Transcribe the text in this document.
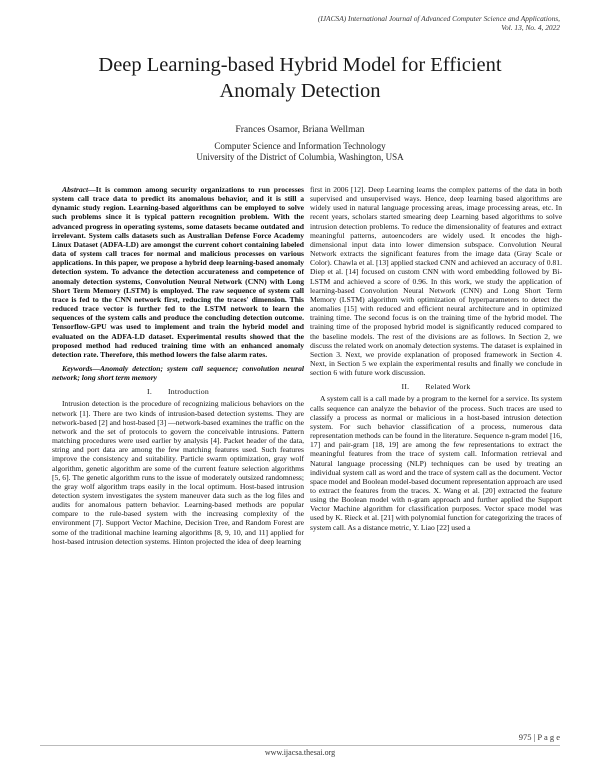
(IJACSA) International Journal of Advanced Computer Science and Applications,
Vol. 13, No. 4, 2022
Deep Learning-based Hybrid Model for Efficient
Anomaly Detection
Frances Osamor, Briana Wellman
Computer Science and Information Technology
University of the District of Columbia, Washington, USA

Abstract—It is common among security organizations to run processes system call trace data to predict its anomalous behavior, and it is still a dynamic study region. Learning-based algorithms can be employed to solve such problems since it is typical pattern recognition problem. With the advanced progress in operating systems, some datasets became outdated and irrelevant. System calls datasets such as Australian Defense Force Academy Linux Dataset (ADFA-LD) are amongst the current cohort containing labeled data of system call traces for normal and malicious processes on various applications. In this paper, we propose a hybrid deep learning-based anomaly detection system. To advance the detection accurateness and competence of anomaly detection systems, Convolution Neural Network (CNN) with Long Short Term Memory (LSTM) is employed. The raw sequence of system call trace is fed to the CNN network first, reducing the traces' dimension. This reduced trace vector is further fed to the LSTM network to learn the sequences of the system calls and produce the concluding detection outcome. Tensorflow-GPU was used to implement and train the hybrid model and evaluated on the ADFA-LD dataset. Experimental results showed that the proposed method had reduced training time with an enhanced anomaly detection rate. Therefore, this method lowers the false alarm rates.

Keywords—Anomaly detection; system call sequence; convolution neural network; long short term memory

I.  Introduction

Intrusion detection is the procedure of recognizing malicious behaviors on the network [1]. There are two kinds of intrusion-based detection systems. They are network-based [2] and host-based [3] —network-based examines the traffic on the network and the set of protocols to govern the conceivable intrusions. Pattern matching procedures were used earlier by analysis [4]. Packet header of the data, string and port data are among the few matching features used. Such features improve the consistency and suitability. Particle swarm optimization, gray wolf algorithm, genetic algorithm are some of the current feature selection algorithms [5, 6]. The genetic algorithm runs to the issue of moderately outsized randomness; the gray wolf algorithm traps easily in the local optimum. Host-based intrusion detection system investigates the system maneuver data such as the log files and audits for anomalous pattern behavior. Learning-based methods are popular compare to the rule-based system with the increasing complexity of the environment [7]. Support Vector Machine, Decision Tree, and Random Forest are some of the traditional machine learning algorithms [8, 9, 10, and 11] applied for host-based intrusion detection systems. Hinton projected the idea of deep learning

first in 2006 [12]. Deep Learning learns the complex patterns of the data in both supervised and unsupervised ways. Hence, deep learning based algorithms are widely used in natural language processing areas, image processing areas, etc. In recent years, scholars started smearing deep Learning based algorithms to solve intrusion detection problems. To reduce the dimensionality of features and extract meaningful patterns, autoencoders are widely used. It encodes the high-dimensional input data into lower dimension subspace. Convolution Neural Network extracts the significant features from the image data (Gray Scale or Color). Chawla et al. [13] applied stacked CNN and achieved an accuracy of 0.81. Diep et al. [14] focused on custom CNN with word embedding followed by Bi-LSTM and achieved a score of 0.96. In this work, we study the application of learning-based Convolution Neural Network (CNN) and Long Short Term Memory (LSTM) algorithm with optimization of hyperparameters to detect the anomalies [15] with reduced and efficient neural architecture and in optimized training time. The second focus is on the training time of the hybrid model. The training time of the proposed hybrid model is significantly reduced compared to the baseline models. The rest of the divisions are as follows. In Section 2, we discuss the related work on anomaly detection systems. The dataset is explained in Section 3. Next, we provide explanation of proposed framework in Section 4. Next, in Section 5 we explain the experimental results and finally we conclude in section 6 with future work discussion.

II.  Related Work

A system call is a call made by a program to the kernel for a service. Its system calls sequence can analyze the behavior of the process. Such traces are used to classify a process as normal or malicious in a host-based intrusion detection system. For such behavior classification of a process, numerous data representation methods can be found in the literature. Sequence n-gram model [16, 17] and pair-gram [18, 19] are among the few representations to extract the meaningful features from the trace of system call. Information retrieval and Natural language processing (NLP) techniques can be used by treating an individual system call as word and the trace of system call as the document. Vector space model and Boolean model-based document representation approach are used to extract the features from the traces. X. Wang et al. [20] extracted the feature using the Boolean model with n-gram approach and further applied the Support Vector Machine algorithm for classification purposes. Vector space model was used by K. Rieck et al. [21] with polynomial function for categorizing the traces of system call. As a distance metric, Y. Liao [22] used a

975 | P a g e
www.ijacsa.thesai.org
